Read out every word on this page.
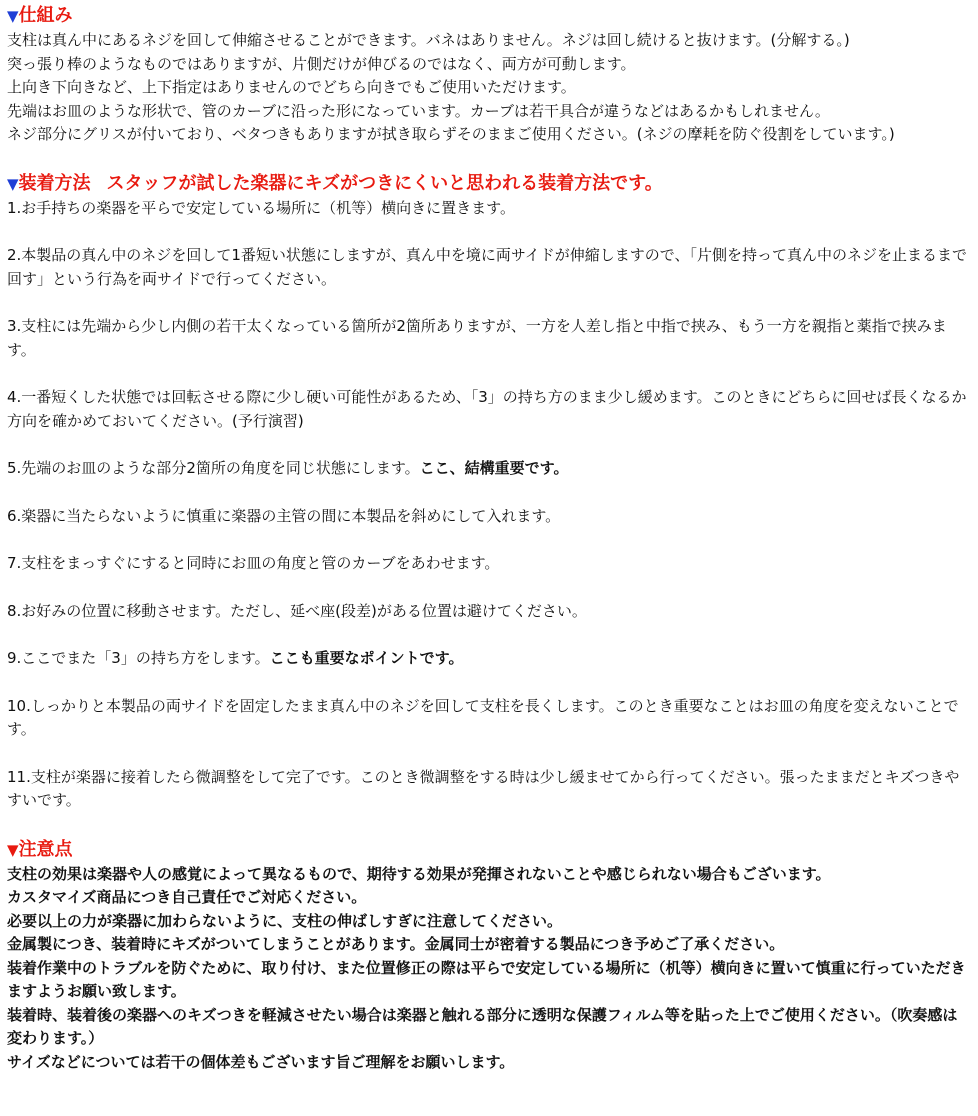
▼仕組み

支柱は真ん中にあるネジを回して伸縮させることができます。バネはありません。ネジは回し続けると抜けます。(分解する。)

突っ張り棒のようなものではありますが、片側だけが伸びるのではなく、両方が可動します。

上向き下向きなど、上下指定はありませんのでどちら向きでもご使用いただけます。

先端はお皿のような形状で、管のカーブに沿った形になっています。カーブは若干具合が違うなどはあるかもしれません。

ネジ部分にグリスが付いており、ベタつきもありますが拭き取らずそのままご使用ください。(ネジの摩耗を防ぐ役割をしています。)

▼装着方法 スタッフが試した楽器にキズがつきにくいと思われる装着方法です。

1.お手持ちの楽器を平らで安定している場所に（机等）横向きに置きます。

2.本製品の真ん中のネジを回して1番短い状態にしますが、真ん中を境に両サイドが伸縮しますので、「片側を持って真ん中のネジを止まるまで回す」という行為を両サイドで行ってください。

3.支柱には先端から少し内側の若干太くなっている箇所が2箇所ありますが、一方を人差し指と中指で挟み、もう一方を親指と薬指で挟みます。

4.一番短くした状態では回転させる際に少し硬い可能性があるため、「3」の持ち方のまま少し緩めます。このときにどちらに回せば長くなるか方向を確かめておいてください。(予行演習)

5.先端のお皿のような部分2箇所の角度を同じ状態にします。ここ、結構重要です。

6.楽器に当たらないように慎重に楽器の主管の間に本製品を斜めにして入れます。

7.支柱をまっすぐにすると同時にお皿の角度と管のカーブをあわせます。

8.お好みの位置に移動させます。ただし、延べ座(段差)がある位置は避けてください。

9.ここでまた「3」の持ち方をします。ここも重要なポイントです。

10.しっかりと本製品の両サイドを固定したまま真ん中のネジを回して支柱を長くします。このとき重要なことはお皿の角度を変えないことです。

11.支柱が楽器に接着したら微調整をして完了です。このとき微調整をする時は少し緩ませてから行ってください。張ったままだとキズつきやすいです。

▼注意点

支柱の効果は楽器や人の感覚によって異なるもので、期待する効果が発揮されないことや感じられない場合もございます。

カスタマイズ商品につき自己責任でご対応ください。

必要以上の力が楽器に加わらないように、支柱の伸ばしすぎに注意してください。

金属製につき、装着時にキズがついてしまうことがあります。金属同士が密着する製品につき予めご了承ください。

装着作業中のトラブルを防ぐために、取り付け、また位置修正の際は平らで安定している場所に（机等）横向きに置いて慎重に行っていただきますようお願い致します。

装着時、装着後の楽器へのキズつきを軽減させたい場合は楽器と触れる部分に透明な保護フィルム等を貼った上でご使用ください。（吹奏感は変わります。）

サイズなどについては若干の個体差もございます旨ご理解をお願いします。
